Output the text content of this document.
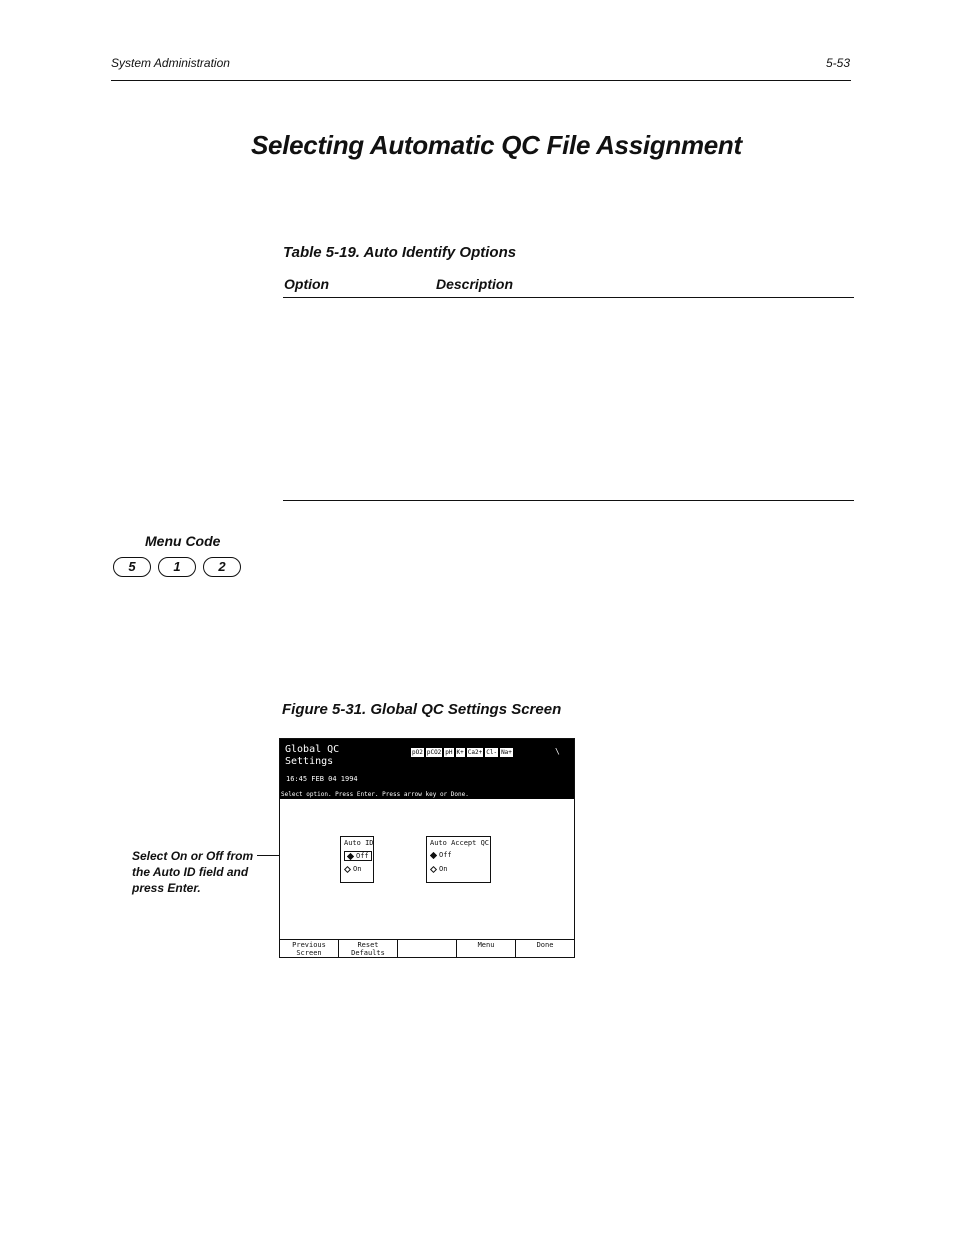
System Administration	5-53
Selecting Automatic QC File Assignment
Table 5-19. Auto Identify Options
Option	Description
Menu Code
5	1	2
Figure 5-31. Global QC Settings Screen
Select On or Off from the Auto ID field and press Enter.
Global QC
Settings
16:45 FEB 04 1994
pO2 pCO2 pH K+ Ca2+ Cl- Na+	\
Select option. Press Enter. Press arrow key or Done.
Auto ID
Off
On
Auto Accept QC
Off
On
Previous
Screen
Reset
Defaults
Menu	Done
